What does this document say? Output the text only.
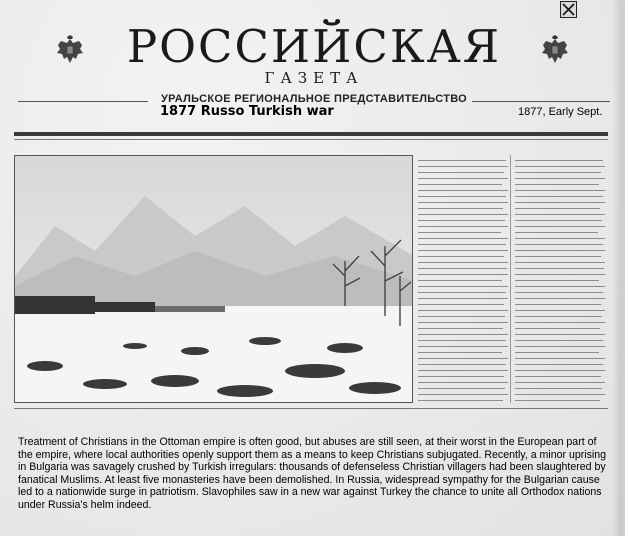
РОССИЙСКАЯ
ГАЗЕТА
УРАЛЬСКОЕ РЕГИОНАЛЬНОЕ ПРЕДСТАВИТЕЛЬСТВО
1877 Russo Turkish war	1877, Early Sept.
Treatment of Christians in the Ottoman empire is often good, but abuses are still seen, at their worst in the European part of the empire, where local authorities openly support them as a means to keep Christians subjugated. Recently, a minor uprising in Bulgaria was savagely crushed by Turkish irregulars: thousands of defenseless Christian villagers had been slaughtered by fanatical Muslims. At least five monasteries have been demolished. In Russia, widespread sympathy for the Bulgarian cause led to a nationwide surge in patriotism. Slavophiles saw in a new war against Turkey the chance to unite all Orthodox nations under Russia's helm indeed.
